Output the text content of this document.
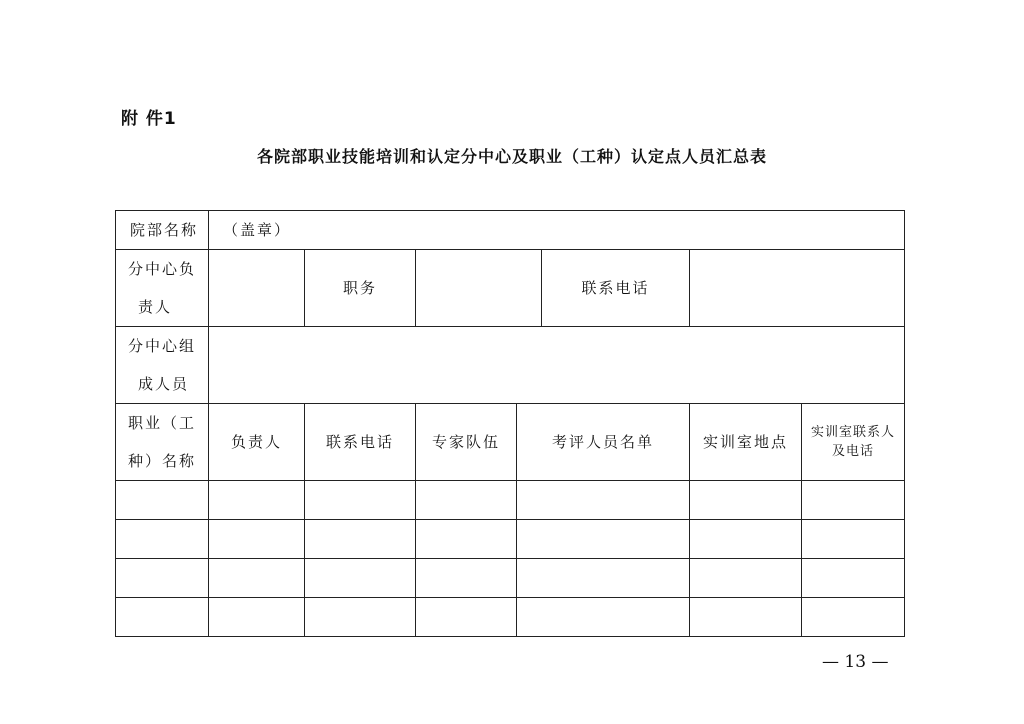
附 件1
各院部职业技能培训和认定分中心及职业（工种）认定点人员汇总表
院部名称	（盖章）						

分中心负
责人		职务			联系电话		

分中心组
成人员							

职业（工
种）名称	负责人	联系电话	专家队伍	考评人员名单		实训室地点	实训室联系人
及电话

— 13 —
